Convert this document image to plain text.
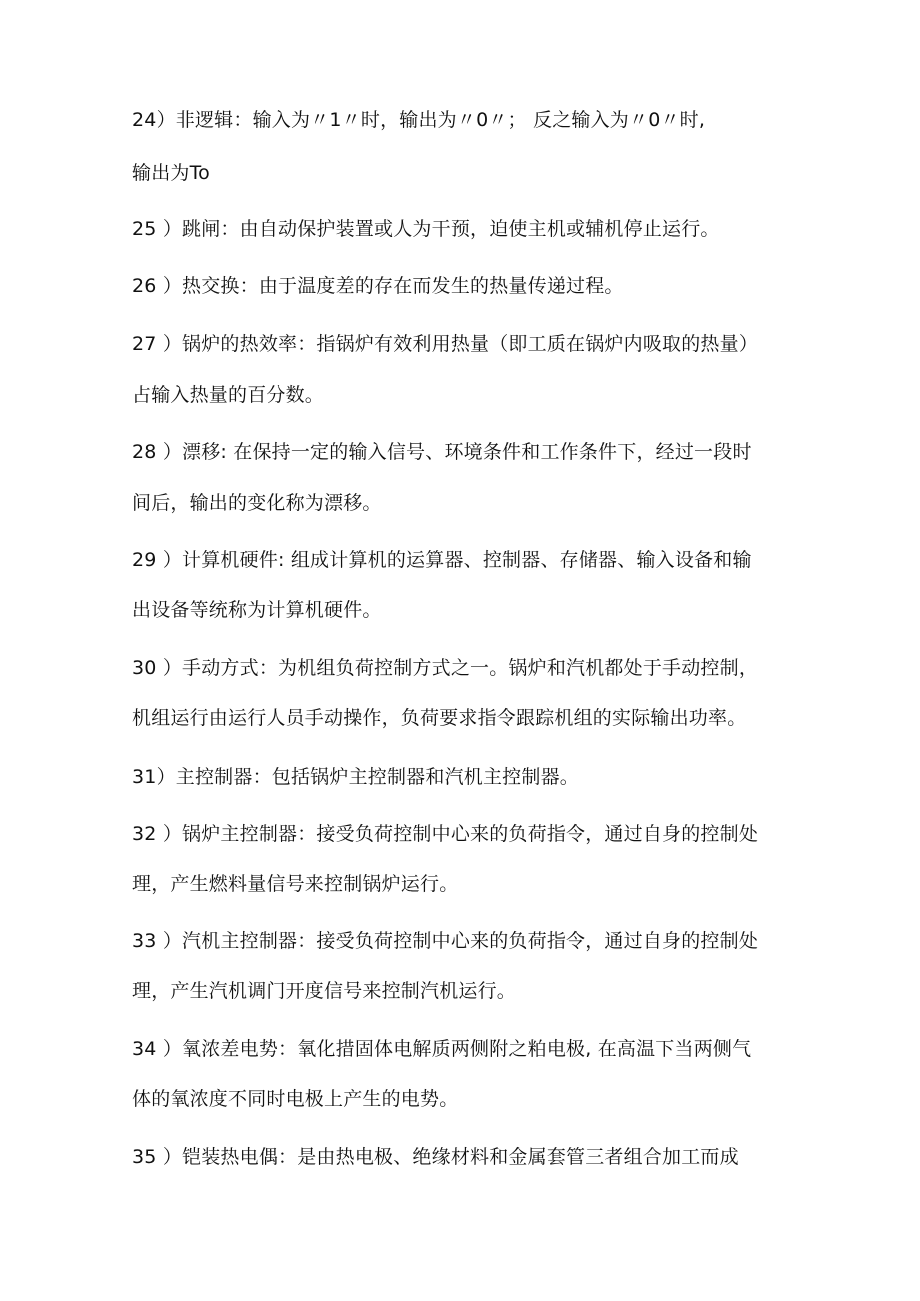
24）非逻辑：输入为〃1〃时，输出为〃0〃； 反之输入为〃0〃时,
输出为To
25 ）跳闸：由自动保护装置或人为干预，迫使主机或辅机停止运行。
26 ）热交换：由于温度差的存在而发生的热量传递过程。
27 ）锅炉的热效率：指锅炉有效利用热量（即工质在锅炉内吸取的热量）
占输入热量的百分数。
28 ）漂移: 在保持一定的输入信号、环境条件和工作条件下，经过一段时
间后，输出的变化称为漂移。
29 ）计算机硬件: 组成计算机的运算器、控制器、存储器、输入设备和输
出设备等统称为计算机硬件。
30 ）手动方式：为机组负荷控制方式之一。锅炉和汽机都处于手动控制，
机组运行由运行人员手动操作，负荷要求指令跟踪机组的实际输出功率。
31）主控制器：包括锅炉主控制器和汽机主控制器。
32 ）锅炉主控制器：接受负荷控制中心来的负荷指令，通过自身的控制处
理，产生燃料量信号来控制锅炉运行。
33 ）汽机主控制器：接受负荷控制中心来的负荷指令，通过自身的控制处
理，产生汽机调门开度信号来控制汽机运行。
34 ）氧浓差电势：氧化措固体电解质两侧附之粕电极, 在高温下当两侧气
体的氧浓度不同时电极上产生的电势。
35 ）铠装热电偶：是由热电极、绝缘材料和金属套管三者组合加工而成
